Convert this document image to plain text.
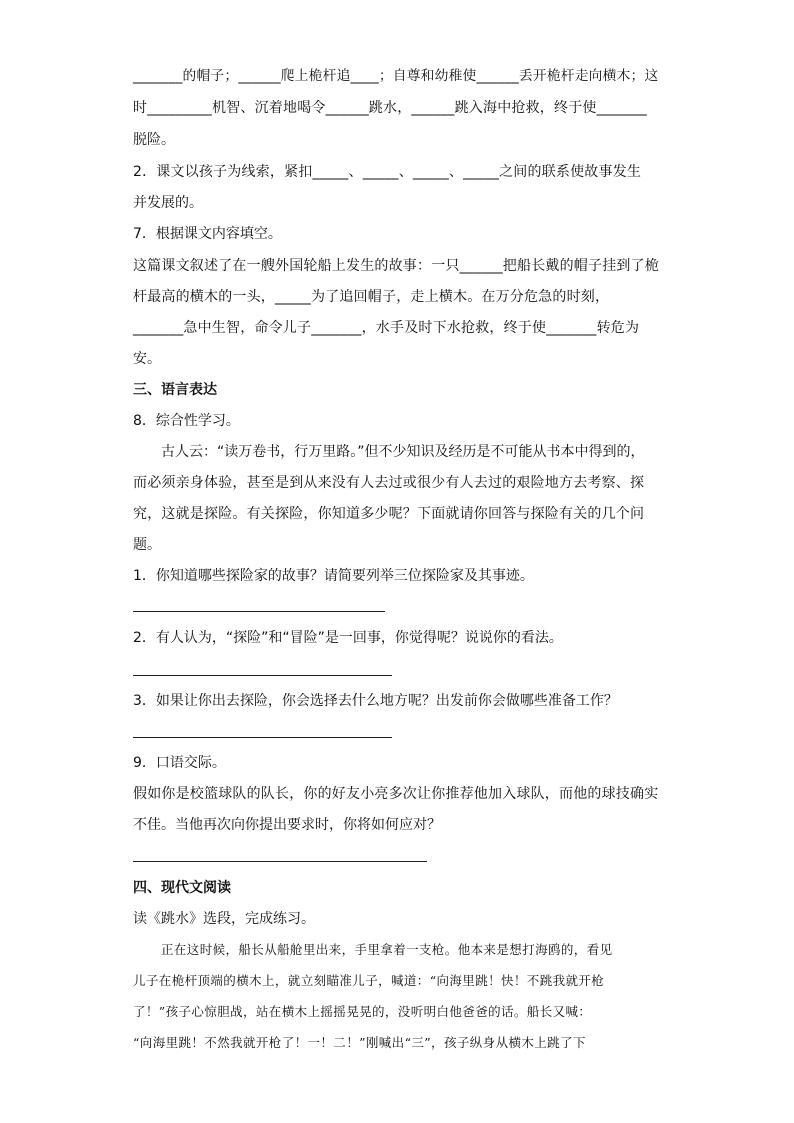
_______的帽子；______爬上桅杆追____；自尊和幼稚使______丢开桅杆走向横木；这
时_________机智、沉着地喝令______跳水，______跳入海中抢救，终于使_______
脱险。
2．课文以孩子为线索，紧扣_____、_____、_____、_____之间的联系使故事发生
并发展的。
7．根据课文内容填空。
这篇课文叙述了在一艘外国轮船上发生的故事：一只______把船长戴的帽子挂到了桅
杆最高的横木的一头，_____为了追回帽子，走上横木。在万分危急的时刻，
_______急中生智，命令儿子_______，水手及时下水抢救，终于使_______转危为
安。
三、语言表达
8．综合性学习。
古人云：“读万卷书，行万里路。”但不少知识及经历是不可能从书本中得到的，
而必须亲身体验，甚至是到从来没有人去过或很少有人去过的艰险地方去考察、探
究，这就是探险。有关探险，你知道多少呢？下面就请你回答与探险有关的几个问
题。
1．你知道哪些探险家的故事？请简要列举三位探险家及其事迹。
2．有人认为，“探险”和“冒险”是一回事，你觉得呢？说说你的看法。
3．如果让你出去探险，你会选择去什么地方呢？出发前你会做哪些准备工作？
9．口语交际。
假如你是校篮球队的队长，你的好友小亮多次让你推荐他加入球队，而他的球技确实
不佳。当他再次向你提出要求时，你将如何应对？
四、现代文阅读
读《跳水》选段，完成练习。
正在这时候，船长从船舱里出来，手里拿着一支枪。他本来是想打海鸥的，看见
儿子在桅杆顶端的横木上，就立刻瞄准儿子，喊道：“向海里跳！快！不跳我就开枪
了！”孩子心惊胆战，站在横木上摇摇晃晃的，没听明白他爸爸的话。船长又喊：
“向海里跳！不然我就开枪了！一！二！”刚喊出“三”，孩子纵身从横木上跳了下
